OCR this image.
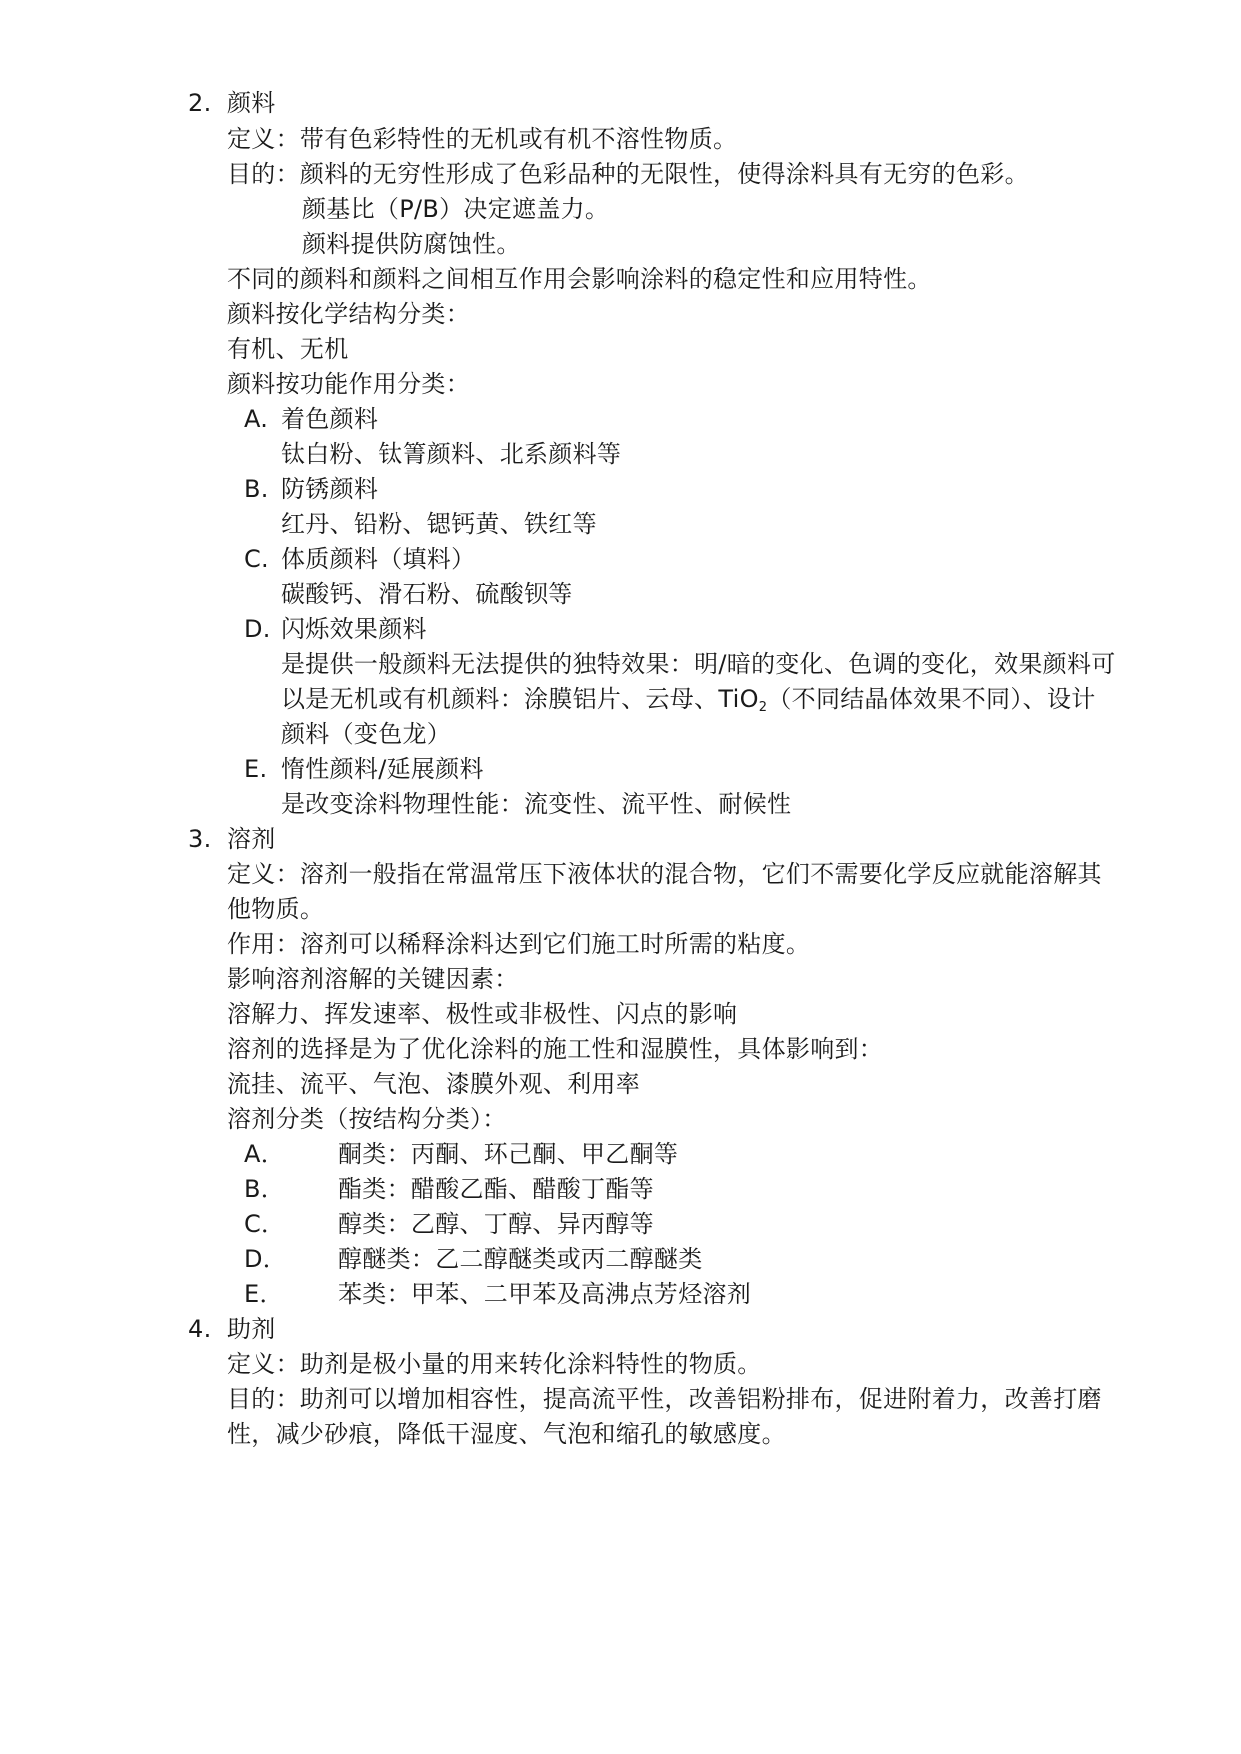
2. 颜料
定义：带有色彩特性的无机或有机不溶性物质。
目的：颜料的无穷性形成了色彩品种的无限性，使得涂料具有无穷的色彩。
颜基比（P/B）决定遮盖力。
颜料提供防腐蚀性。
不同的颜料和颜料之间相互作用会影响涂料的稳定性和应用特性。
颜料按化学结构分类：
有机、无机
颜料按功能作用分类：
A. 着色颜料
钛白粉、钛箐颜料、北系颜料等
B. 防锈颜料
红丹、铅粉、锶钙黄、铁红等
C. 体质颜料（填料）
碳酸钙、滑石粉、硫酸钡等
D. 闪烁效果颜料
是提供一般颜料无法提供的独特效果：明/暗的变化、色调的变化，效果颜料可
以是无机或有机颜料：涂膜铝片、云母、TiO$_2$（不同结晶体效果不同）、设计
颜料（变色龙）
E. 惰性颜料/延展颜料
是改变涂料物理性能：流变性、流平性、耐候性
3. 溶剂
定义：溶剂一般指在常温常压下液体状的混合物，它们不需要化学反应就能溶解其
他物质。
作用：溶剂可以稀释涂料达到它们施工时所需的粘度。
影响溶剂溶解的关键因素：
溶解力、挥发速率、极性或非极性、闪点的影响
溶剂的选择是为了优化涂料的施工性和湿膜性，具体影响到：
流挂、流平、气泡、漆膜外观、利用率
溶剂分类（按结构分类）：
A． 酮类：丙酮、环己酮、甲乙酮等
B． 酯类：醋酸乙酯、醋酸丁酯等
C． 醇类：乙醇、丁醇、异丙醇等
D． 醇醚类：乙二醇醚类或丙二醇醚类
E． 苯类：甲苯、二甲苯及高沸点芳烃溶剂
4. 助剂
定义：助剂是极小量的用来转化涂料特性的物质。
目的：助剂可以增加相容性，提高流平性，改善铝粉排布，促进附着力，改善打磨
性，减少砂痕，降低干湿度、气泡和缩孔的敏感度。
